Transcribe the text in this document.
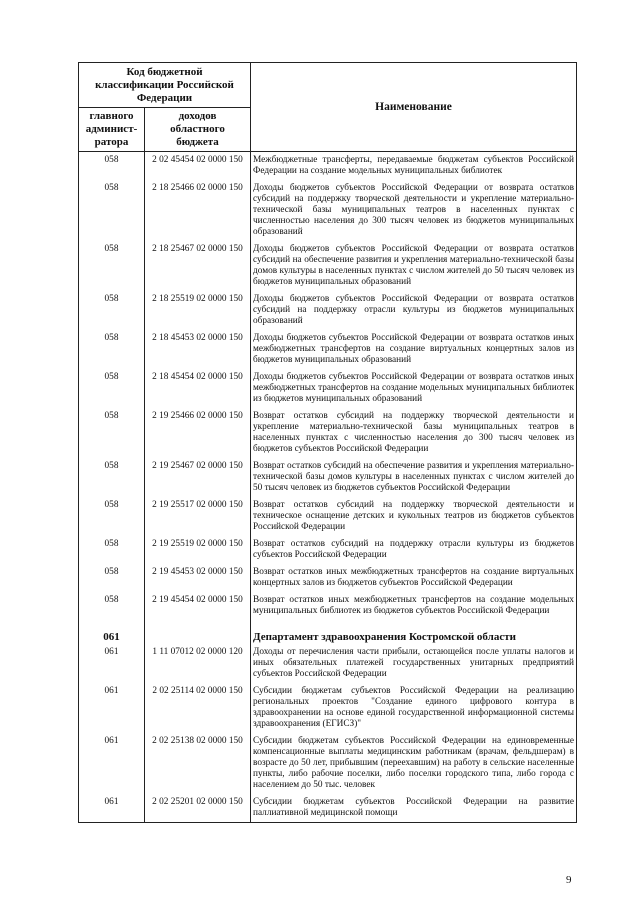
Код бюджетной классификации Российской Федерации		Наименование
главного админист-ратора	доходов областного бюджета	
058	2 02 45454 02 0000 150	Межбюджетные трансферты, передаваемые бюджетам субъектов Российской Федерации на создание модельных муниципальных библиотек
058	2 18 25466 02 0000 150	Доходы бюджетов субъектов Российской Федерации от возврата остатков субсидий на поддержку творческой деятельности и укрепление материально-технической базы муниципальных театров в населенных пунктах с численностью населения до 300 тысяч человек из бюджетов муниципальных образований
058	2 18 25467 02 0000 150	Доходы бюджетов субъектов Российской Федерации от возврата остатков субсидий на обеспечение развития и укрепления материально-технической базы домов культуры в населенных пунктах с числом жителей до 50 тысяч человек из бюджетов муниципальных образований
058	2 18 25519 02 0000 150	Доходы бюджетов субъектов Российской Федерации от возврата остатков субсидий на поддержку отрасли культуры из бюджетов муниципальных образований
058	2 18 45453 02 0000 150	Доходы бюджетов субъектов Российской Федерации от возврата остатков иных межбюджетных трансфертов на создание виртуальных концертных залов из бюджетов муниципальных образований
058	2 18 45454 02 0000 150	Доходы бюджетов субъектов Российской Федерации от возврата остатков иных межбюджетных трансфертов на создание модельных муниципальных библиотек из бюджетов муниципальных образований
058	2 19 25466 02 0000 150	Возврат остатков субсидий на поддержку творческой деятельности и укрепление материально-технической базы муниципальных театров в населенных пунктах с численностью населения до 300 тысяч человек из бюджетов субъектов Российской Федерации
058	2 19 25467 02 0000 150	Возврат остатков субсидий на обеспечение развития и укрепления материально-технической базы домов культуры в населенных пунктах с числом жителей до 50 тысяч человек из бюджетов субъектов Российской Федерации
058	2 19 25517 02 0000 150	Возврат остатков субсидий на поддержку творческой деятельности и техническое оснащение детских и кукольных театров из бюджетов субъектов Российской Федерации
058	2 19 25519 02 0000 150	Возврат остатков субсидий на поддержку отрасли культуры из бюджетов субъектов Российской Федерации
058	2 19 45453 02 0000 150	Возврат остатков иных межбюджетных трансфертов на создание виртуальных концертных залов из бюджетов субъектов Российской Федерации
058	2 19 45454 02 0000 150	Возврат остатков иных межбюджетных трансфертов на создание модельных муниципальных библиотек из бюджетов субъектов Российской Федерации
061		Департамент здравоохранения Костромской области
061	1 11 07012 02 0000 120	Доходы от перечисления части прибыли, остающейся после уплаты налогов и иных обязательных платежей государственных унитарных предприятий субъектов Российской Федерации
061	2 02 25114 02 0000 150	Субсидии бюджетам субъектов Российской Федерации на реализацию региональных проектов "Создание единого цифрового контура в здравоохранении на основе единой государственной информационной системы здравоохранения (ЕГИСЗ)"
061	2 02 25138 02 0000 150	Субсидии бюджетам субъектов Российской Федерации на единовременные компенсационные выплаты медицинским работникам (врачам, фельдшерам) в возрасте до 50 лет, прибывшим (переехавшим) на работу в сельские населенные пункты, либо рабочие поселки, либо поселки городского типа, либо города с населением до 50 тыс. человек
061	2 02 25201 02 0000 150	Субсидии бюджетам субъектов Российской Федерации на развитие паллиативной медицинской помощи
9
